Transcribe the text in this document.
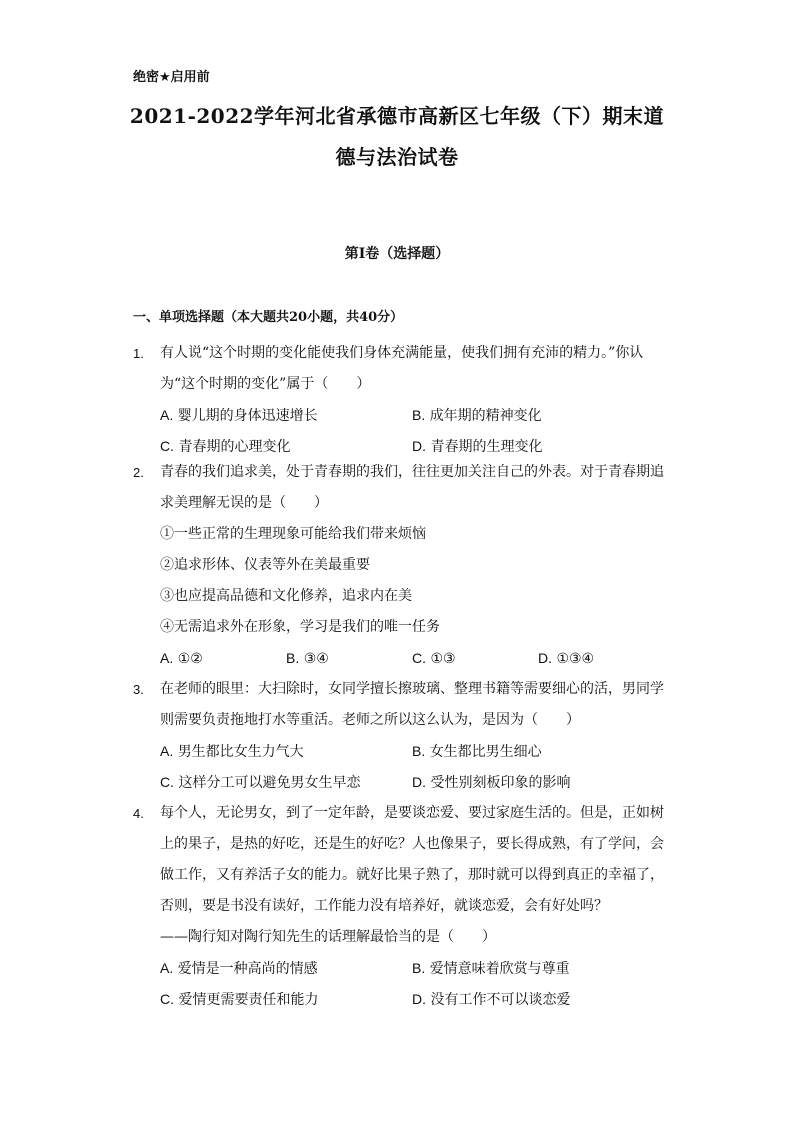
绝密★启用前
2021-2022学年河北省承德市高新区七年级（下）期末道
德与法治试卷
第I卷（选择题）
一、单项选择题（本大题共20小题，共40分）
1.	有人说“这个时期的变化能使我们身体充满能量，使我们拥有充沛的精力。”你认
为“这个时期的变化”属于（　　）
A. 婴儿期的身体迅速增长	B. 成年期的精神变化
C. 青春期的心理变化	D. 青春期的生理变化
2.	青春的我们追求美，处于青春期的我们，往往更加关注自己的外表。对于青春期追
求美理解无误的是（　　）
①一些正常的生理现象可能给我们带来烦恼
②追求形体、仪表等外在美最重要
③也应提高品德和文化修养，追求内在美
④无需追求外在形象，学习是我们的唯一任务
A. ①②	B. ③④	C. ①③	D. ①③④
3.	在老师的眼里：大扫除时，女同学擅长擦玻璃、整理书籍等需要细心的活，男同学
则需要负责拖地打水等重活。老师之所以这么认为，是因为（　　）
A. 男生都比女生力气大	B. 女生都比男生细心
C. 这样分工可以避免男女生早恋	D. 受性别刻板印象的影响
4.	每个人，无论男女，到了一定年龄，是要谈恋爱、要过家庭生活的。但是，正如树
上的果子，是热的好吃，还是生的好吃？人也像果子，要长得成熟，有了学问，会
做工作，又有养活子女的能力。就好比果子熟了，那时就可以得到真正的幸福了，
否则，要是书没有读好，工作能力没有培养好，就谈恋爱，会有好处吗？
——陶行知对陶行知先生的话理解最恰当的是（　　）
A. 爱情是一种高尚的情感	B. 爱情意味着欣赏与尊重
C. 爱情更需要责任和能力	D. 没有工作不可以谈恋爱
